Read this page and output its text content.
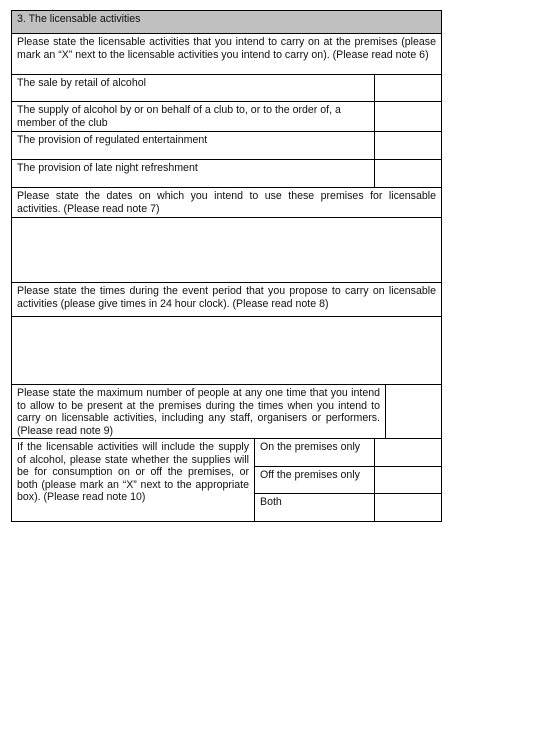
3. The licensable activities
Please state the licensable activities that you intend to carry on at the premises (please mark an “X” next to the licensable activities you intend to carry on). (Please read note 6)
The sale by retail of alcohol
The supply of alcohol by or on behalf of a club to, or to the order of, a member of the club
The provision of regulated entertainment
The provision of late night refreshment
Please state the dates on which you intend to use these premises for licensable activities. (Please read note 7)
Please state the times during the event period that you propose to carry on licensable activities (please give times in 24 hour clock). (Please read note 8)
Please state the maximum number of people at any one time that you intend to allow to be present at the premises during the times when you intend to carry on licensable activities, including any staff, organisers or performers. (Please read note 9)
If the licensable activities will include the supply of alcohol, please state whether the supplies will be for consumption on or off the premises, or both (please mark an “X” next to the appropriate box). (Please read note 10)
On the premises only
Off the premises only
Both
